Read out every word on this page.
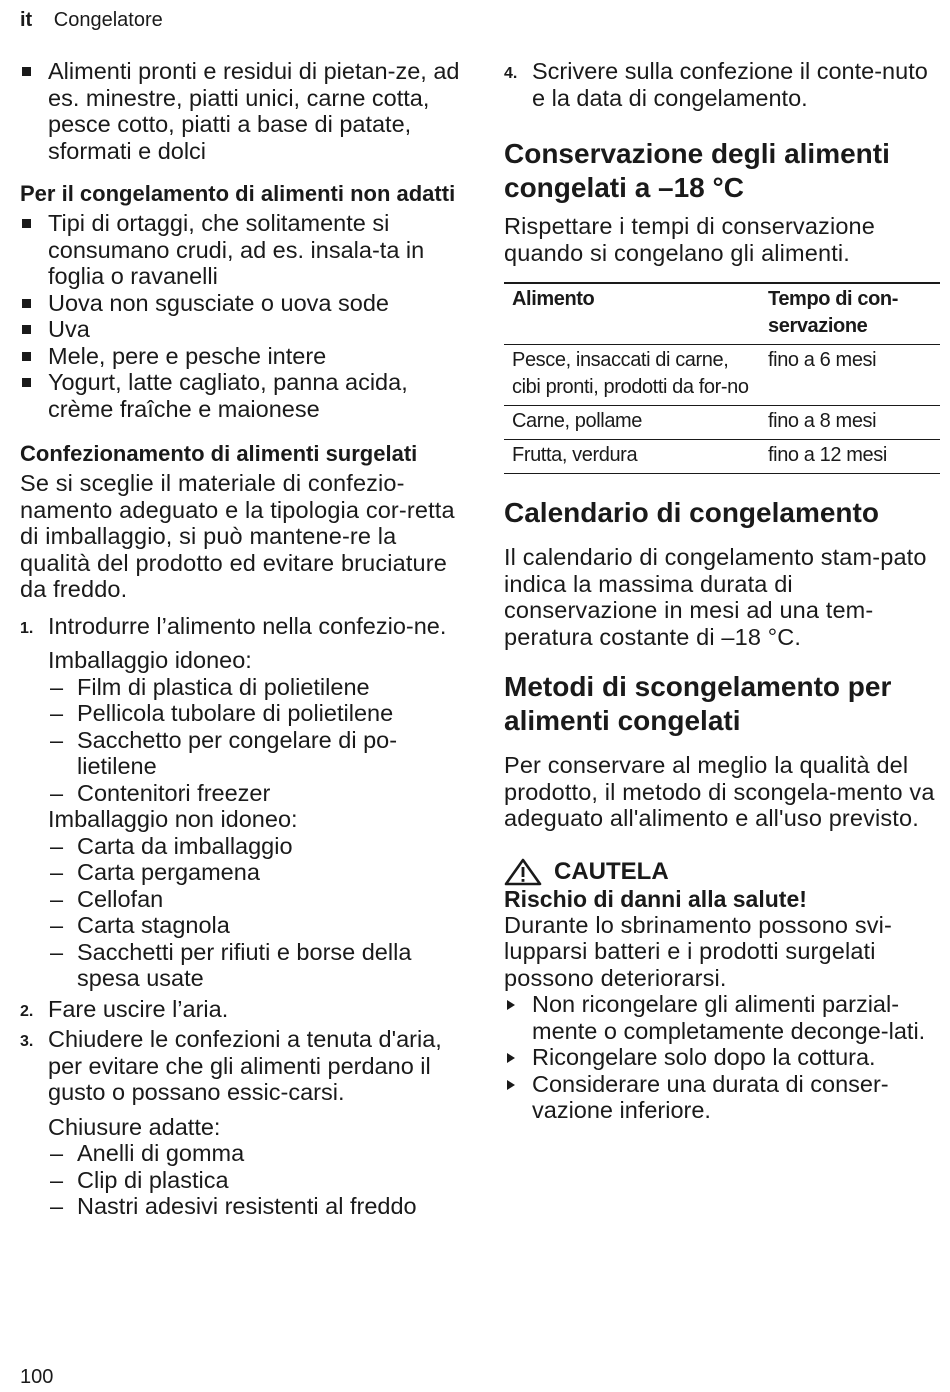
it Congelatore
Alimenti pronti e residui di pietan-ze, ad es. minestre, piatti unici, carne cotta, pesce cotto, piatti a base di patate, sformati e dolci
Per il congelamento di alimenti non adatti
Tipi di ortaggi, che solitamente si consumano crudi, ad es. insala-ta in foglia o ravanelli
Uova non sgusciate o uova sode
Uva
Mele, pere e pesche intere
Yogurt, latte cagliato, panna acida, crème fraîche e maionese
Confezionamento di alimenti surgelati

Se si sceglie il materiale di confezio-namento adeguato e la tipologia cor-retta di imballaggio, si può mantene-re la qualità del prodotto ed evitare bruciature da freddo.

1. Introdurre l’alimento nella confezio-ne.
Imballaggio idoneo:
– Film di plastica di polietilene
– Pellicola tubolare di polietilene
– Sacchetto per congelare di po-lietilene
– Contenitori freezer
Imballaggio non idoneo:
– Carta da imballaggio
– Carta pergamena
– Cellofan
– Carta stagnola
– Sacchetti per rifiuti e borse della spesa usate
2. Fare uscire l’aria.
3. Chiudere le confezioni a tenuta d'aria, per evitare che gli alimenti perdano il gusto o possano essic-carsi.
Chiusure adatte:
– Anelli di gomma
– Clip di plastica
– Nastri adesivi resistenti al freddo
4. Scrivere sulla confezione il conte-nuto e la data di congelamento.
Conservazione degli alimenti congelati a –18 °C

Rispettare i tempi di conservazione quando si congelano gli alimenti.

Alimento	Tempo di con-servazione
Pesce, insaccati di carne, cibi pronti, prodotti da for-no	fino a 6 mesi
Carne, pollame	fino a 8 mesi
Frutta, verdura	fino a 12 mesi
Calendario di congelamento

Il calendario di congelamento stam-pato indica la massima durata di conservazione in mesi ad una tem-peratura costante di –18 °C.

Metodi di scongelamento per alimenti congelati

Per conservare al meglio la qualità del prodotto, il metodo di scongela-mento va adeguato all'alimento e all'uso previsto.

CAUTELA
Rischio di danni alla salute!

Durante lo sbrinamento possono svi-lupparsi batteri e i prodotti surgelati possono deteriorarsi.

Non ricongelare gli alimenti parzial-mente o completamente deconge-lati.
Ricongelare solo dopo la cottura.
Considerare una durata di conser-vazione inferiore.
100
